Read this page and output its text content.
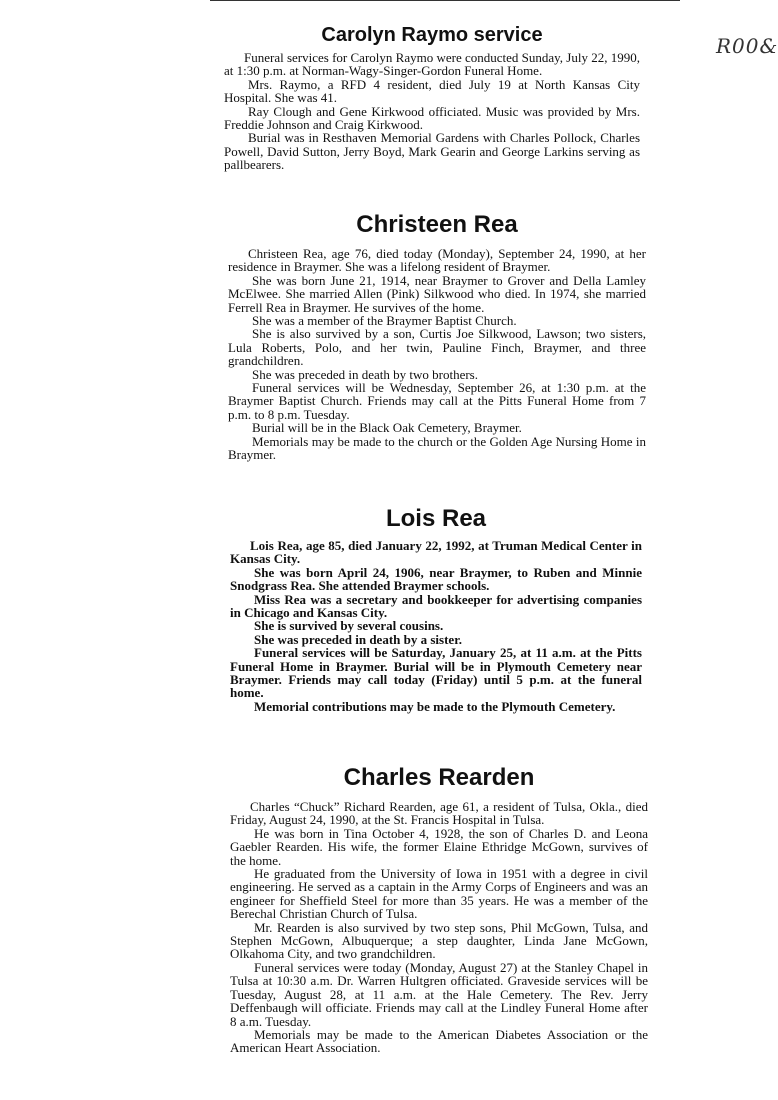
R00&
Carolyn Raymo service

Funeral services for Carolyn Raymo were conducted Sunday, July 22, 1990, at 1:30 p.m. at Norman-Wagy-Singer-Gordon Funeral Home.

Mrs. Raymo, a RFD 4 resident, died July 19 at North Kansas City Hospital. She was 41.

Ray Clough and Gene Kirkwood officiated. Music was provided by Mrs. Freddie Johnson and Craig Kirkwood.

Burial was in Resthaven Memorial Gardens with Charles Pollock, Charles Powell, David Sutton, Jerry Boyd, Mark Gearin and George Larkins serving as pallbearers.

Christeen Rea

Christeen Rea, age 76, died today (Monday), September 24, 1990, at her residence in Braymer. She was a lifelong resident of Braymer.

She was born June 21, 1914, near Braymer to Grover and Della Lamley McElwee. She married Allen (Pink) Silkwood who died. In 1974, she married Ferrell Rea in Braymer. He survives of the home.

She was a member of the Braymer Baptist Church.

She is also survived by a son, Curtis Joe Silkwood, Lawson; two sisters, Lula Roberts, Polo, and her twin, Pauline Finch, Braymer, and three grandchildren.

She was preceded in death by two brothers.

Funeral services will be Wednesday, September 26, at 1:30 p.m. at the Braymer Baptist Church. Friends may call at the Pitts Funeral Home from 7 p.m. to 8 p.m. Tuesday.

Burial will be in the Black Oak Cemetery, Braymer.

Memorials may be made to the church or the Golden Age Nursing Home in Braymer.

Lois Rea

Lois Rea, age 85, died January 22, 1992, at Truman Medical Center in Kansas City.

She was born April 24, 1906, near Braymer, to Ruben and Minnie Snodgrass Rea. She attended Braymer schools.

Miss Rea was a secretary and bookkeeper for advertising companies in Chicago and Kansas City.

She is survived by several cousins.

She was preceded in death by a sister.

Funeral services will be Saturday, January 25, at 11 a.m. at the Pitts Funeral Home in Braymer. Burial will be in Plymouth Cemetery near Braymer. Friends may call today (Friday) until 5 p.m. at the funeral home.

Memorial contributions may be made to the Plymouth Cemetery.

Charles Rearden

Charles “Chuck” Richard Rearden, age 61, a resident of Tulsa, Okla., died Friday, August 24, 1990, at the St. Francis Hospital in Tulsa.

He was born in Tina October 4, 1928, the son of Charles D. and Leona Gaebler Rearden. His wife, the former Elaine Ethridge McGown, survives of the home.

He graduated from the University of Iowa in 1951 with a degree in civil engineering. He served as a captain in the Army Corps of Engineers and was an engineer for Sheffield Steel for more than 35 years. He was a member of the Berechal Christian Church of Tulsa.

Mr. Rearden is also survived by two step sons, Phil McGown, Tulsa, and Stephen McGown, Albuquerque; a step daughter, Linda Jane McGown, Olkahoma City, and two grandchildren.

Funeral services were today (Monday, August 27) at the Stanley Chapel in Tulsa at 10:30 a.m. Dr. Warren Hultgren officiated. Graveside services will be Tuesday, August 28, at 11 a.m. at the Hale Cemetery. The Rev. Jerry Deffenbaugh will officiate. Friends may call at the Lindley Funeral Home after 8 a.m. Tuesday.

Memorials may be made to the American Diabetes Association or the American Heart Association.
